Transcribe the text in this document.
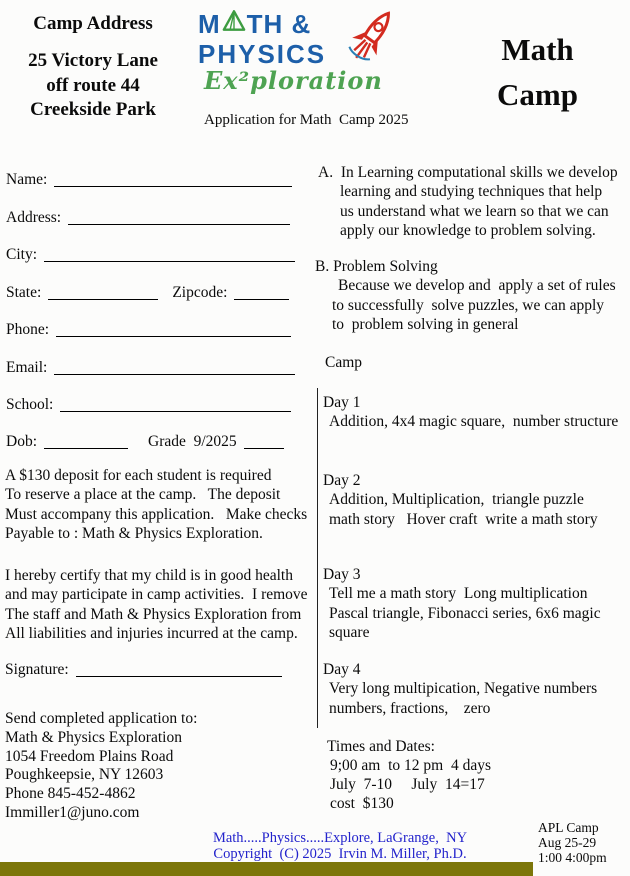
Camp Address
25 Victory Lane
off route 44
Creekside Park
M TH &
PHYSICS
Ex²ploration
Application for Math  Camp 2025
Math
Camp
Name:
Address:
City:
State:	Zipcode:
Phone:
Email:
School:
Dob:	Grade  9/2025
A $130 deposit for each student is required
To reserve a place at the camp.   The deposit
Must accompany this application.   Make checks
Payable to : Math & Physics Exploration.
I hereby certify that my child is in good health
and may participate in camp activities.  I remove
The staff and Math & Physics Exploration from
All liabilities and injuries incurred at the camp.
Signature:
Send completed application to:
Math & Physics Exploration
1054 Freedom Plains Road
Poughkeepsie, NY 12603
Phone 845-452-4862
Immiller1@juno.com
A.  In Learning computational skills we develop
learning and studying techniques that help
us understand what we learn so that we can
apply our knowledge to problem solving.
B. Problem Solving
Because we develop and  apply a set of rules
to successfully  solve puzzles, we can apply
to  problem solving in general
Camp
Day 1
Addition, 4x4 magic square,  number structure
Day 2
Addition, Multiplication,  triangle puzzle
math story   Hover craft  write a math story
Day 3
Tell me a math story  Long multiplication
Pascal triangle, Fibonacci series, 6x6 magic
square
Day 4
Very long multipication, Negative numbers
numbers, fractions,    zero
Times and Dates:
9;00 am  to 12 pm  4 days
July  7-10     July  14=17
cost  $130
Math.....Physics.....Explore, LaGrange,  NY
Copyright  (C) 2025  Irvin M. Miller, Ph.D.
APL Camp
Aug 25-29
1:00 4:00pm
